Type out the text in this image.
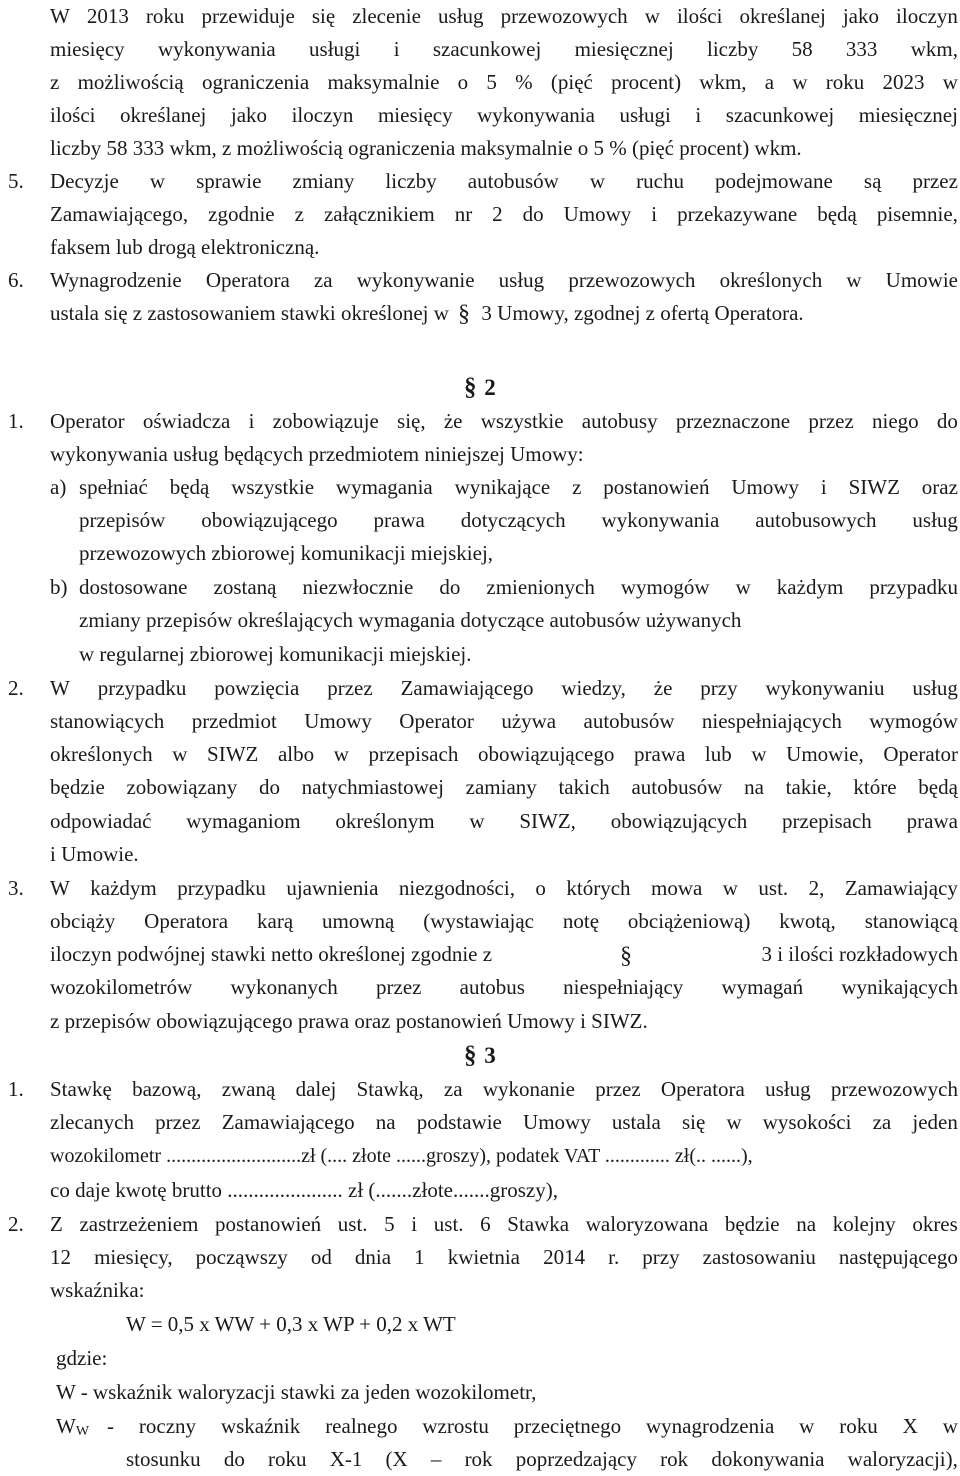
W 2013 roku przewiduje się zlecenie usług przewozowych w ilości określanej jako iloczyn
miesięcy wykonywania usługi i szacunkowej miesięcznej liczby 58 333 wkm,
z możliwością ograniczenia maksymalnie o 5 % (pięć procent) wkm, a w roku 2023 w
ilości określanej jako iloczyn miesięcy wykonywania usługi i szacunkowej miesięcznej
liczby 58 333 wkm, z możliwością ograniczenia maksymalnie o 5 % (pięć procent) wkm.
5. Decyzje w sprawie zmiany liczby autobusów w ruchu podejmowane są przez
Zamawiającego, zgodnie z załącznikiem nr 2 do Umowy i przekazywane będą pisemnie,
faksem lub drogą elektroniczną.
6. Wynagrodzenie Operatora za wykonywanie usług przewozowych określonych w Umowie
ustala się z zastosowaniem stawki określonej w § 3 Umowy, zgodnej z ofertą Operatora.
§ 2
1. Operator oświadcza i zobowiązuje się, że wszystkie autobusy przeznaczone przez niego do
wykonywania usług będących przedmiotem niniejszej Umowy:
a) spełniać będą wszystkie wymagania wynikające z postanowień Umowy i SIWZ oraz
przepisów obowiązującego prawa dotyczących wykonywania autobusowych usług
przewozowych zbiorowej komunikacji miejskiej,
b) dostosowane zostaną niezwłocznie do zmienionych wymogów w każdym przypadku
zmiany przepisów określających wymagania dotyczące autobusów używanych
w regularnej zbiorowej komunikacji miejskiej.
2. W przypadku powzięcia przez Zamawiającego wiedzy, że przy wykonywaniu usług
stanowiących przedmiot Umowy Operator używa autobusów niespełniających wymogów
określonych w SIWZ albo w przepisach obowiązującego prawa lub w Umowie, Operator
będzie zobowiązany do natychmiastowej zamiany takich autobusów na takie, które będą
odpowiadać wymaganiom określonym w SIWZ, obowiązujących przepisach prawa
i Umowie.
3. W każdym przypadku ujawnienia niezgodności, o których mowa w ust. 2, Zamawiający
obciąży Operatora karą umowną (wystawiając notę obciążeniową) kwotą, stanowiącą
iloczyn podwójnej stawki netto określonej zgodnie z	§	3 i ilości rozkładowych
wozokilometrów wykonanych przez autobus niespełniający wymagań wynikających
z przepisów obowiązującego prawa oraz postanowień Umowy i SIWZ.
§ 3
1. Stawkę bazową, zwaną dalej Stawką, za wykonanie przez Operatora usług przewozowych
zlecanych przez Zamawiającego na podstawie Umowy ustala się w wysokości za jeden
wozokilometr ...........................zł (.... złote ......groszy), podatek VAT ............. zł(.. ......),
co daje kwotę brutto ...................... zł (.......złote.......groszy),
2. Z zastrzeżeniem postanowień ust. 5 i ust. 6 Stawka waloryzowana będzie na kolejny okres
12 miesięcy, począwszy od dnia 1 kwietnia 2014 r. przy zastosowaniu następującego
wskaźnika:
W = 0,5 x WW + 0,3 x WP + 0,2 x WT
gdzie:
W - wskaźnik waloryzacji stawki za jeden wozokilometr,
$W_W$ - roczny wskaźnik realnego wzrostu przeciętnego wynagrodzenia w roku X w
stosunku do roku X-1 (X – rok poprzedzający rok dokonywania waloryzacji),
